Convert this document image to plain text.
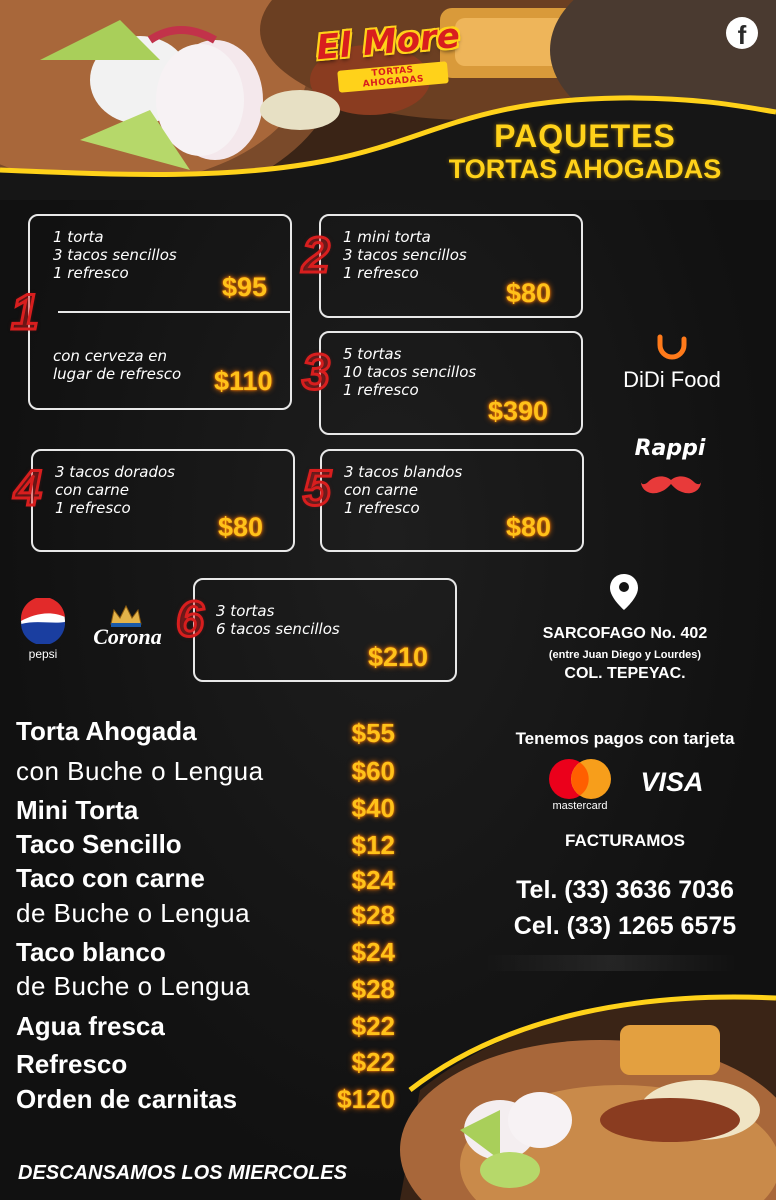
El More
TORTAS AHOGADAS
f
PAQUETES
TORTAS AHOGADAS
1
1 torta
3 tacos sencillos
1 refresco	$95
con cerveza en
lugar de refresco $110
2 1 mini torta
3 tacos sencillos
1 refresco
$80
3 5 tortas
10 tacos sencillos
1 refresco
$390
4 3 tacos dorados
con carne
1 refresco
$80
5 3 tacos blandos
con carne
1 refresco
$80
6 3 tortas
6 tacos sencillos
$210
DiDi Food
Rappi
pepsi
Corona	SARCOFAGO No. 402
(entre Juan Diego y Lourdes)
COL. TEPEYAC.
Torta Ahogada	$55
con Buche o Lengua	$60
Mini Torta	$40
Taco Sencillo	$12
Taco con carne	$24
de Buche o Lengua	$28
Taco blanco	$24
de Buche o Lengua	$28
Agua fresca	$22
Refresco	$22
Orden de carnitas	$120
Tenemos pagos con tarjeta
mastercard
VISA
FACTURAMOS
Tel. (33) 3636 7036
Cel. (33) 1265 6575
DESCANSAMOS LOS MIERCOLES
